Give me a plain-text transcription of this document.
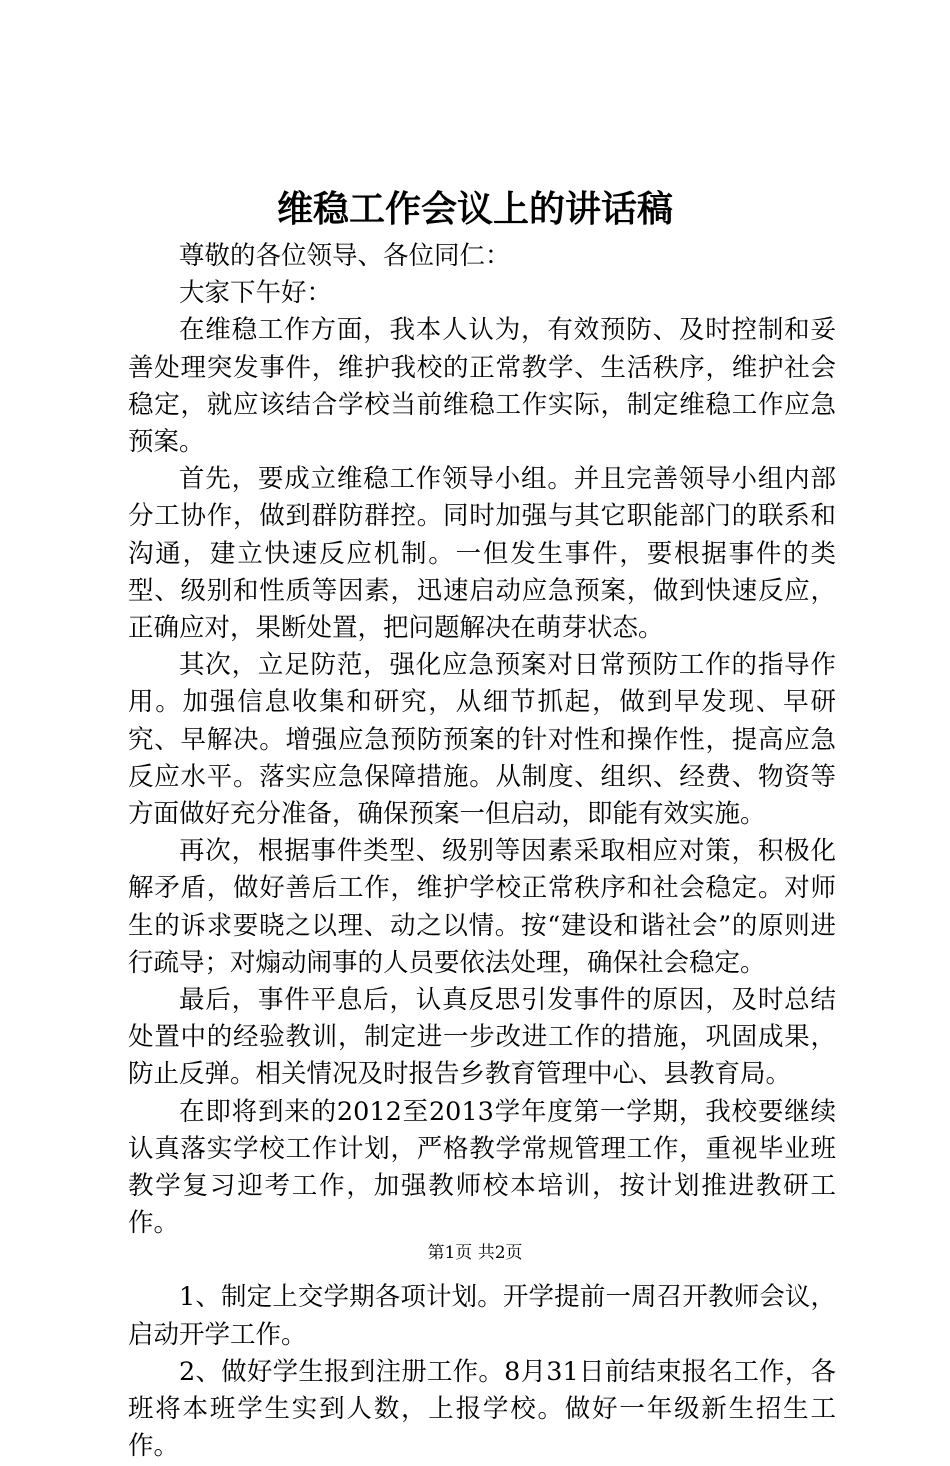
维稳工作会议上的讲话稿

尊敬的各位领导、各位同仁：

大家下午好：

在维稳工作方面，我本人认为，有效预防、及时控制和妥善处理突发事件，维护我校的正常教学、生活秩序，维护社会稳定，就应该结合学校当前维稳工作实际，制定维稳工作应急预案。

首先，要成立维稳工作领导小组。并且完善领导小组内部分工协作，做到群防群控。同时加强与其它职能部门的联系和沟通，建立快速反应机制。一但发生事件，要根据事件的类型、级别和性质等因素，迅速启动应急预案，做到快速反应，正确应对，果断处置，把问题解决在萌芽状态。

其次，立足防范，强化应急预案对日常预防工作的指导作用。加强信息收集和研究，从细节抓起，做到早发现、早研究、早解决。增强应急预防预案的针对性和操作性，提高应急反应水平。落实应急保障措施。从制度、组织、经费、物资等方面做好充分准备，确保预案一但启动，即能有效实施。

再次，根据事件类型、级别等因素采取相应对策，积极化解矛盾，做好善后工作，维护学校正常秩序和社会稳定。对师生的诉求要晓之以理、动之以情。按“建设和谐社会”的原则进行疏导；对煽动闹事的人员要依法处理，确保社会稳定。

最后，事件平息后，认真反思引发事件的原因，及时总结处置中的经验教训，制定进一步改进工作的措施，巩固成果，防止反弹。相关情况及时报告乡教育管理中心、县教育局。

在即将到来的2012至2013学年度第一学期，我校要继续认真落实学校工作计划，严格教学常规管理工作，重视毕业班教学复习迎考工作，加强教师校本培训，按计划推进教研工作。

1、制定上交学期各项计划。开学提前一周召开教师会议，启动开学工作。

2、做好学生报到注册工作。8月31日前结束报名工作，各班将本班学生实到人数，上报学校。做好一年级新生招生工作。

第1页 共2页
